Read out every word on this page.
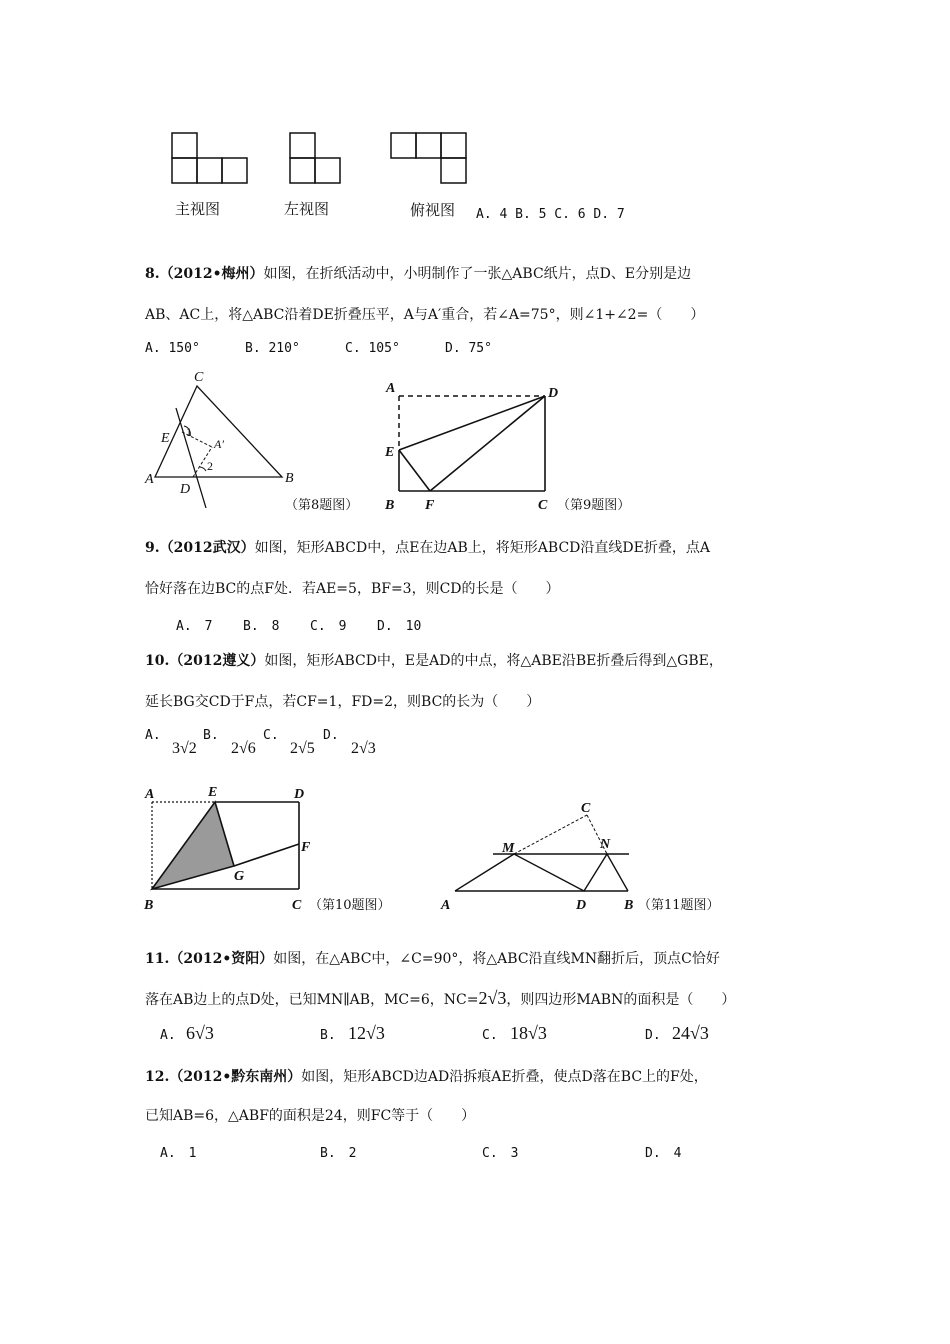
主视图	左视图	俯视图 A. 4 B. 5 C. 6 D. 7
8.（2012•梅州）如图，在折纸活动中，小明制作了一张△ABC纸片，点D、E分别是边
AB、AC上，将△ABC沿着DE折叠压平，A与A′重合，若∠A=75°，则∠1+∠2=（　　）
A. 150°	B. 210°	C. 105°	D. 75°
C
E 1
A′
2
A
D
B
（第8题图）
A	D
E
B F	C （第9题图）
9.（2012武汉）如图，矩形ABCD中，点E在边AB上，将矩形ABCD沿直线DE折叠，点A
恰好落在边BC的点F处．若AE=5，BF=3，则CD的长是（　　）
A.　7 B.　8 C.　9 D.　10
10.（2012遵义）如图，矩形ABCD中，E是AD的中点，将△ABE沿BE折叠后得到△GBE，
延长BG交CD于F点，若CF=1，FD=2，则BC的长为（　　）
A.	B.	C.	D.
3√2 2√6 2√5 2√3
A	E	D
F
G
B	C （第10题图）
C
M	N
A	D	B （第11题图）
11.（2012•资阳）如图，在△ABC中，∠C=90°，将△ABC沿直线MN翻折后，顶点C恰好
落在AB边上的点D处，已知MN∥AB，MC=6，NC=2√3，则四边形MABN的面积是（　　）
A. 6√3	B. 12√3	C. 18√3	D. 24√3
12.（2012•黔东南州）如图，矩形ABCD边AD沿拆痕AE折叠，使点D落在BC上的F处，
已知AB=6，△ABF的面积是24，则FC等于（　　）
A.　1	B.　2	C.　3	D.　4
